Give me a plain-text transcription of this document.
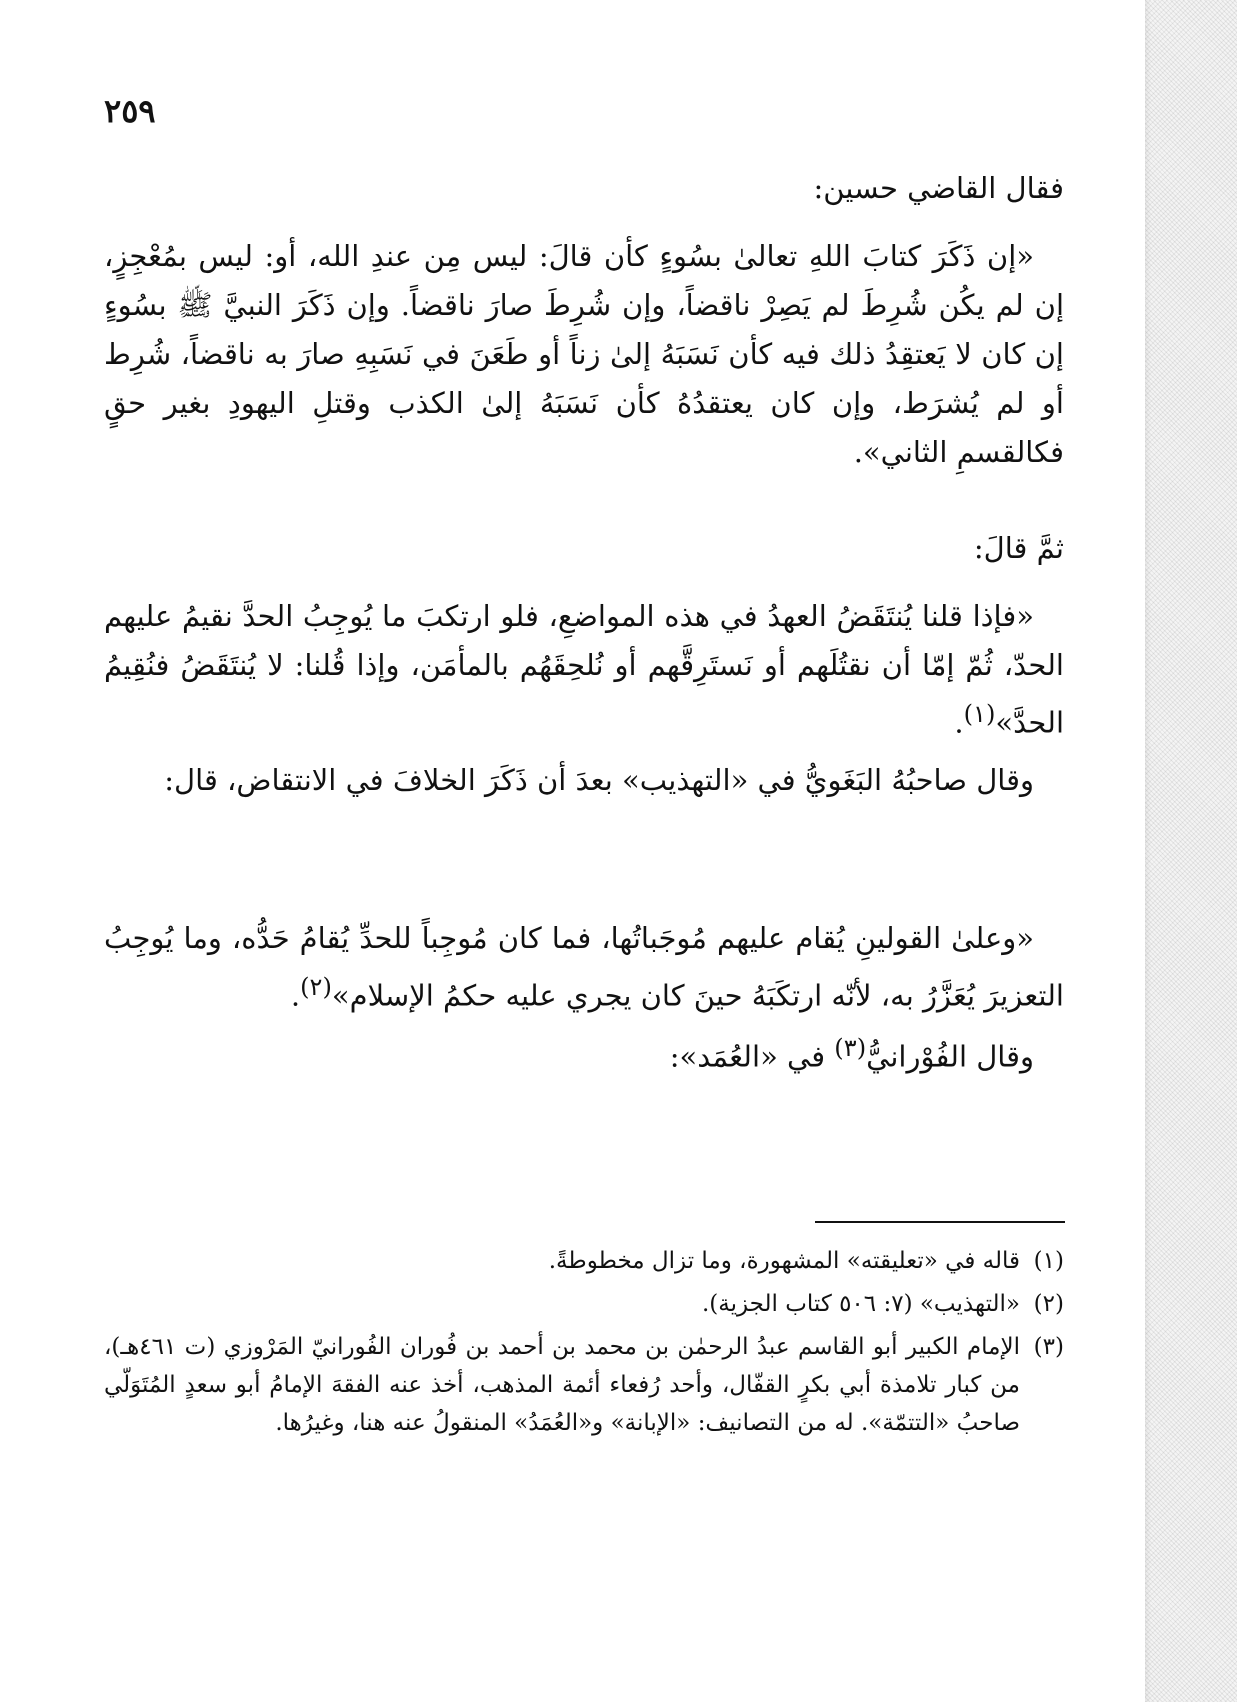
٢٥٩

فقال القاضي حسين:

«إن ذَكَرَ كتابَ اللهِ تعالىٰ بسُوءٍ كأن قالَ: ليس مِن عندِ الله، أو: ليس بمُعْجِزٍ، إن لم يكُن شُرِطَ لم يَصِرْ ناقضاً، وإن شُرِطَ صارَ ناقضاً. وإن ذَكَرَ النبيَّ ﷺ بسُوءٍ إن كان لا يَعتقِدُ ذلك فيه كأن نَسَبَهُ إلىٰ زناً أو طَعَنَ في نَسَبِهِ صارَ به ناقضاً، شُرِط أو لم يُشرَط، وإن كان يعتقدُهُ كأن نَسَبَهُ إلىٰ الكذب وقتلِ اليهودِ بغير حقٍ فكالقسمِ الثاني».

ثمَّ قالَ:

«فإذا قلنا يُنتَقَضُ العهدُ في هذه المواضعِ، فلو ارتكبَ ما يُوجِبُ الحدَّ نقيمُ عليهم الحدّ، ثُمّ إمّا أن نقتُلَهم أو نَستَرِقَّهم أو نُلحِقَهُم بالمأمَن، وإذا قُلنا: لا يُنتَقَضُ فنُقِيمُ الحدَّ»$^{(١)}$.

وقال صاحبُهُ البَغَويُّ في «التهذيب» بعدَ أن ذَكَرَ الخلافَ في الانتقاض، قال:

«وعلىٰ القولينِ يُقام عليهم مُوجَباتُها، فما كان مُوجِباً للحدِّ يُقامُ حَدُّه، وما يُوجِبُ التعزيرَ يُعَزَّرُ به، لأنّه ارتكَبَهُ حينَ كان يجري عليه حكمُ الإسلام»$^{(٢)}$.

وقال الفُوْرانيُّ$^{(٣)}$ في «العُمَد»:

(١)
قاله في «تعليقته» المشهورة، وما تزال مخطوطةً.
(٢)
«التهذيب» (٧: ٥٠٦ كتاب الجزية).
(٣)
الإمام الكبير أبو القاسم عبدُ الرحمٰن بن محمد بن أحمد بن فُوران الفُورانيّ المَرْوزي (ت ٤٦١هـ)، من كبار تلامذة أبي بكرٍ القفّال، وأحد رُفعاء أئمة المذهب، أخذ عنه الفقهَ الإمامُ أبو سعدٍ المُتَوَلّي صاحبُ «التتمّة». له من التصانيف: «الإبانة» و«العُمَدُ» المنقولُ عنه هنا، وغيرُها.
